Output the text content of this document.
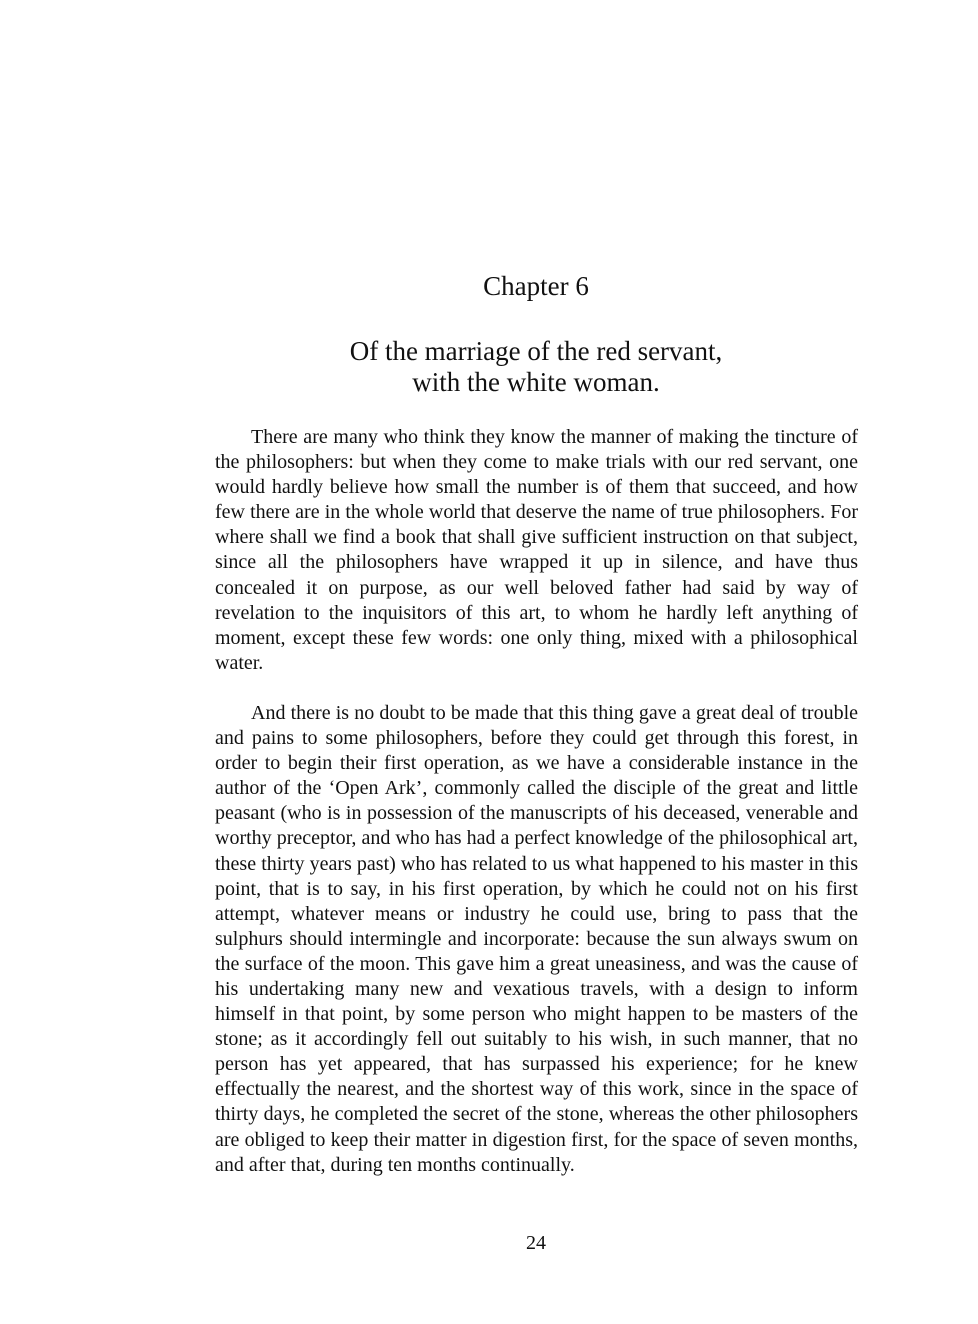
Chapter 6
Of the marriage of the red servant,
with the white woman.

There are many who think they know the manner of making the tincture of the philosophers: but when they come to make trials with our red servant, one would hardly believe how small the number is of them that succeed, and how few there are in the whole world that deserve the name of true philosophers. For where shall we find a book that shall give sufficient instruction on that subject, since all the philosophers have wrapped it up in silence, and have thus concealed it on purpose, as our well beloved father had said by way of revelation to the inquisitors of this art, to whom he hardly left anything of moment, except these few words: one only thing, mixed with a philosophical water.

And there is no doubt to be made that this thing gave a great deal of trouble and pains to some philosophers, before they could get through this forest, in order to begin their first operation, as we have a considerable instance in the author of the ‘Open Ark’, commonly called the disciple of the great and little peasant (who is in possession of the manuscripts of his deceased, venerable and worthy preceptor, and who has had a perfect knowledge of the philosophical art, these thirty years past) who has related to us what happened to his master in this point, that is to say, in his first operation, by which he could not on his first attempt, whatever means or industry he could use, bring to pass that the sulphurs should intermingle and incorporate: because the sun always swum on the surface of the moon. This gave him a great uneasiness, and was the cause of his undertaking many new and vexatious travels, with a design to inform himself in that point, by some person who might happen to be masters of the stone; as it accordingly fell out suitably to his wish, in such manner, that no person has yet appeared, that has surpassed his experience; for he knew effectually the nearest, and the shortest way of this work, since in the space of thirty days, he completed the secret of the stone, whereas the other philosophers are obliged to keep their matter in digestion first, for the space of seven months, and after that, during ten months continually.

24
